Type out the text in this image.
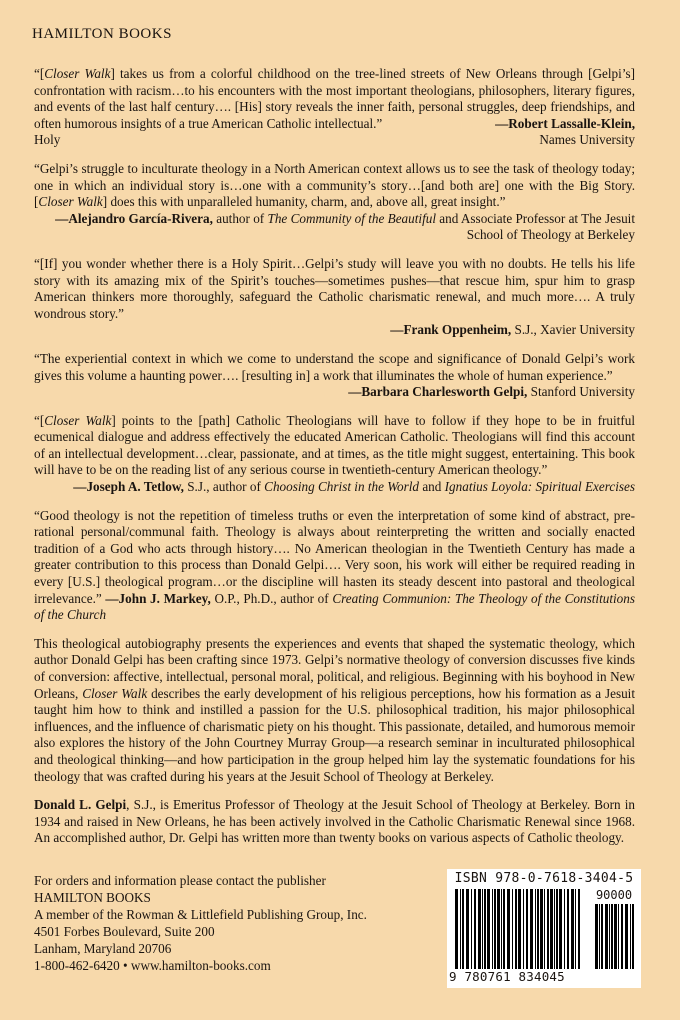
HAMILTON BOOKS

“[Closer Walk] takes us from a colorful childhood on the tree-lined streets of New Orleans through [Gelpi’s] confrontation with racism…to his encounters with the most important theologians, philosophers, literary figures, and events of the last half century…. [His] story reveals the inner faith, personal struggles, deep friendships, and often humorous insights of a true American Catholic intellectual.”	—Robert Lassalle-Klein,

Holy	Names University

“Gelpi’s struggle to inculturate theology in a North American context allows us to see the task of theology today; one in which an individual story is…one with a community’s story…[and both are] one with the Big Story. [Closer Walk] does this with unparalleled humanity, charm, and, above all, great insight.”

—Alejandro García-Rivera, author of The Community of the Beautiful and Associate Professor at The Jesuit School of Theology at Berkeley

“[If] you wonder whether there is a Holy Spirit…Gelpi’s study will leave you with no doubts. He tells his life story with its amazing mix of the Spirit’s touches—sometimes pushes—that rescue him, spur him to grasp American thinkers more thoroughly, safeguard the Catholic charismatic renewal, and much more…. A truly wondrous story.”

—Frank Oppenheim, S.J., Xavier University

“The experiential context in which we come to understand the scope and significance of Donald Gelpi’s work gives this volume a haunting power…. [resulting in] a work that illuminates the whole of human experience.”

—Barbara Charlesworth Gelpi, Stanford University

“[Closer Walk] points to the [path] Catholic Theologians will have to follow if they hope to be in fruitful ecumenical dialogue and address effectively the educated American Catholic. Theologians will find this account of an intellectual development…clear, passionate, and at times, as the title might suggest, entertaining. This book will have to be on the reading list of any serious course in twentieth-century American theology.”

—Joseph A. Tetlow, S.J., author of Choosing Christ in the World and Ignatius Loyola: Spiritual Exercises

“Good theology is not the repetition of timeless truths or even the interpretation of some kind of abstract, pre-rational personal/communal faith. Theology is always about reinterpreting the written and socially enacted tradition of a God who acts through history…. No American theologian in the Twentieth Century has made a greater contribution to this process than Donald Gelpi…. Very soon, his work will either be required reading in every [U.S.] theological program…or the discipline will hasten its steady descent into pastoral and theological irrelevance.” —John J. Markey, O.P., Ph.D., author of Creating Communion: The Theology of the Constitutions of the Church

This theological autobiography presents the experiences and events that shaped the systematic theology, which author Donald Gelpi has been crafting since 1973. Gelpi’s normative theology of conversion discusses five kinds of conversion: affective, intellectual, personal moral, political, and religious. Beginning with his boyhood in New Orleans, Closer Walk describes the early development of his religious perceptions, how his formation as a Jesuit taught him how to think and instilled a passion for the U.S. philosophical tradition, his major philosophical influences, and the influence of charismatic piety on his thought. This passionate, detailed, and humorous memoir also explores the history of the John Courtney Murray Group—a research seminar in inculturated philosophical and theological thinking—and how participation in the group helped him lay the systematic foundations for his theology that was crafted during his years at the Jesuit School of Theology at Berkeley.

Donald L. Gelpi, S.J., is Emeritus Professor of Theology at the Jesuit School of Theology at Berkeley. Born in 1934 and raised in New Orleans, he has been actively involved in the Catholic Charismatic Renewal since 1968. An accomplished author, Dr. Gelpi has written more than twenty books on various aspects of Catholic theology.

For orders and information please contact the publisher
HAMILTON BOOKS
A member of the Rowman & Littlefield Publishing Group, Inc.
4501 Forbes Boulevard, Suite 200
Lanham, Maryland 20706
1-800-462-6420 • www.hamilton-books.com
ISBN 978-0-7618-3404-5
90000
9 780761 834045
